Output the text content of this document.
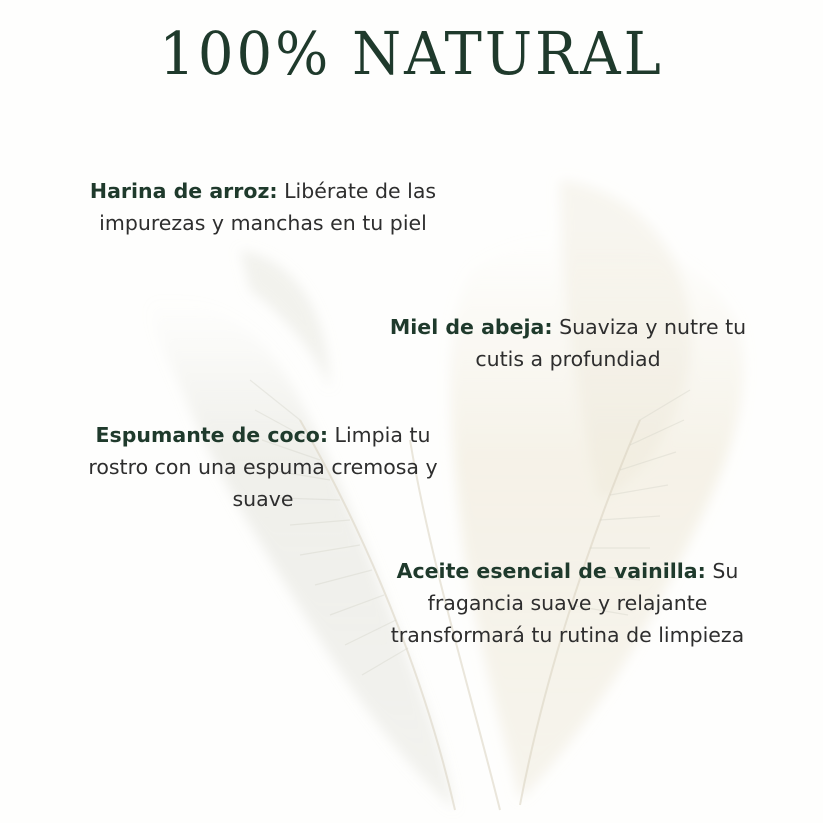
100% NATURAL
Harina de arroz: Libérate de las impurezas y manchas en tu piel
Miel de abeja: Suaviza y nutre tu cutis a profundiad
Espumante de coco: Limpia tu rostro con una espuma cremosa y suave
Aceite esencial de vainilla: Su fragancia suave y relajante transformará tu rutina de limpieza
